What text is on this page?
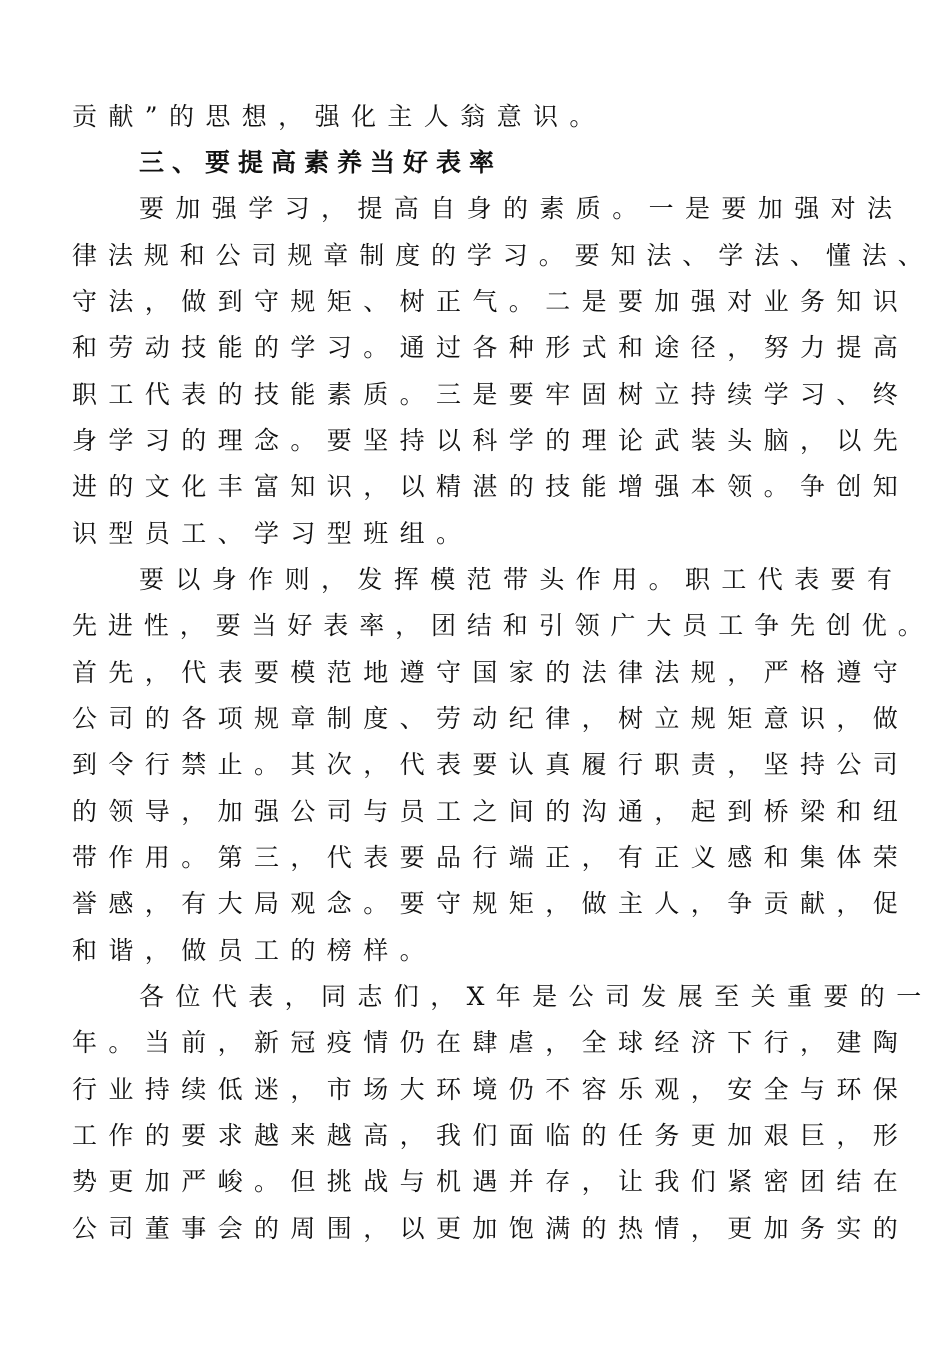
贡献”的思想，强化主人翁意识。
三、要提高素养当好表率
要加强学习，提高自身的素质。一是要加强对法
律法规和公司规章制度的学习。要知法、学法、懂法、
守法，做到守规矩、树正气。二是要加强对业务知识
和劳动技能的学习。通过各种形式和途径，努力提高
职工代表的技能素质。三是要牢固树立持续学习、终
身学习的理念。要坚持以科学的理论武装头脑，以先
进的文化丰富知识，以精湛的技能增强本领。争创知
识型员工、学习型班组。
要以身作则，发挥模范带头作用。职工代表要有
先进性，要当好表率，团结和引领广大员工争先创优。
首先，代表要模范地遵守国家的法律法规，严格遵守
公司的各项规章制度、劳动纪律，树立规矩意识，做
到令行禁止。其次，代表要认真履行职责，坚持公司
的领导，加强公司与员工之间的沟通，起到桥梁和纽
带作用。第三，代表要品行端正，有正义感和集体荣
誉感，有大局观念。要守规矩，做主人，争贡献，促
和谐，做员工的榜样。
各位代表，同志们，X年是公司发展至关重要的一
年。当前，新冠疫情仍在肆虐，全球经济下行，建陶
行业持续低迷，市场大环境仍不容乐观，安全与环保
工作的要求越来越高，我们面临的任务更加艰巨，形
势更加严峻。但挑战与机遇并存，让我们紧密团结在
公司董事会的周围，以更加饱满的热情，更加务实的
